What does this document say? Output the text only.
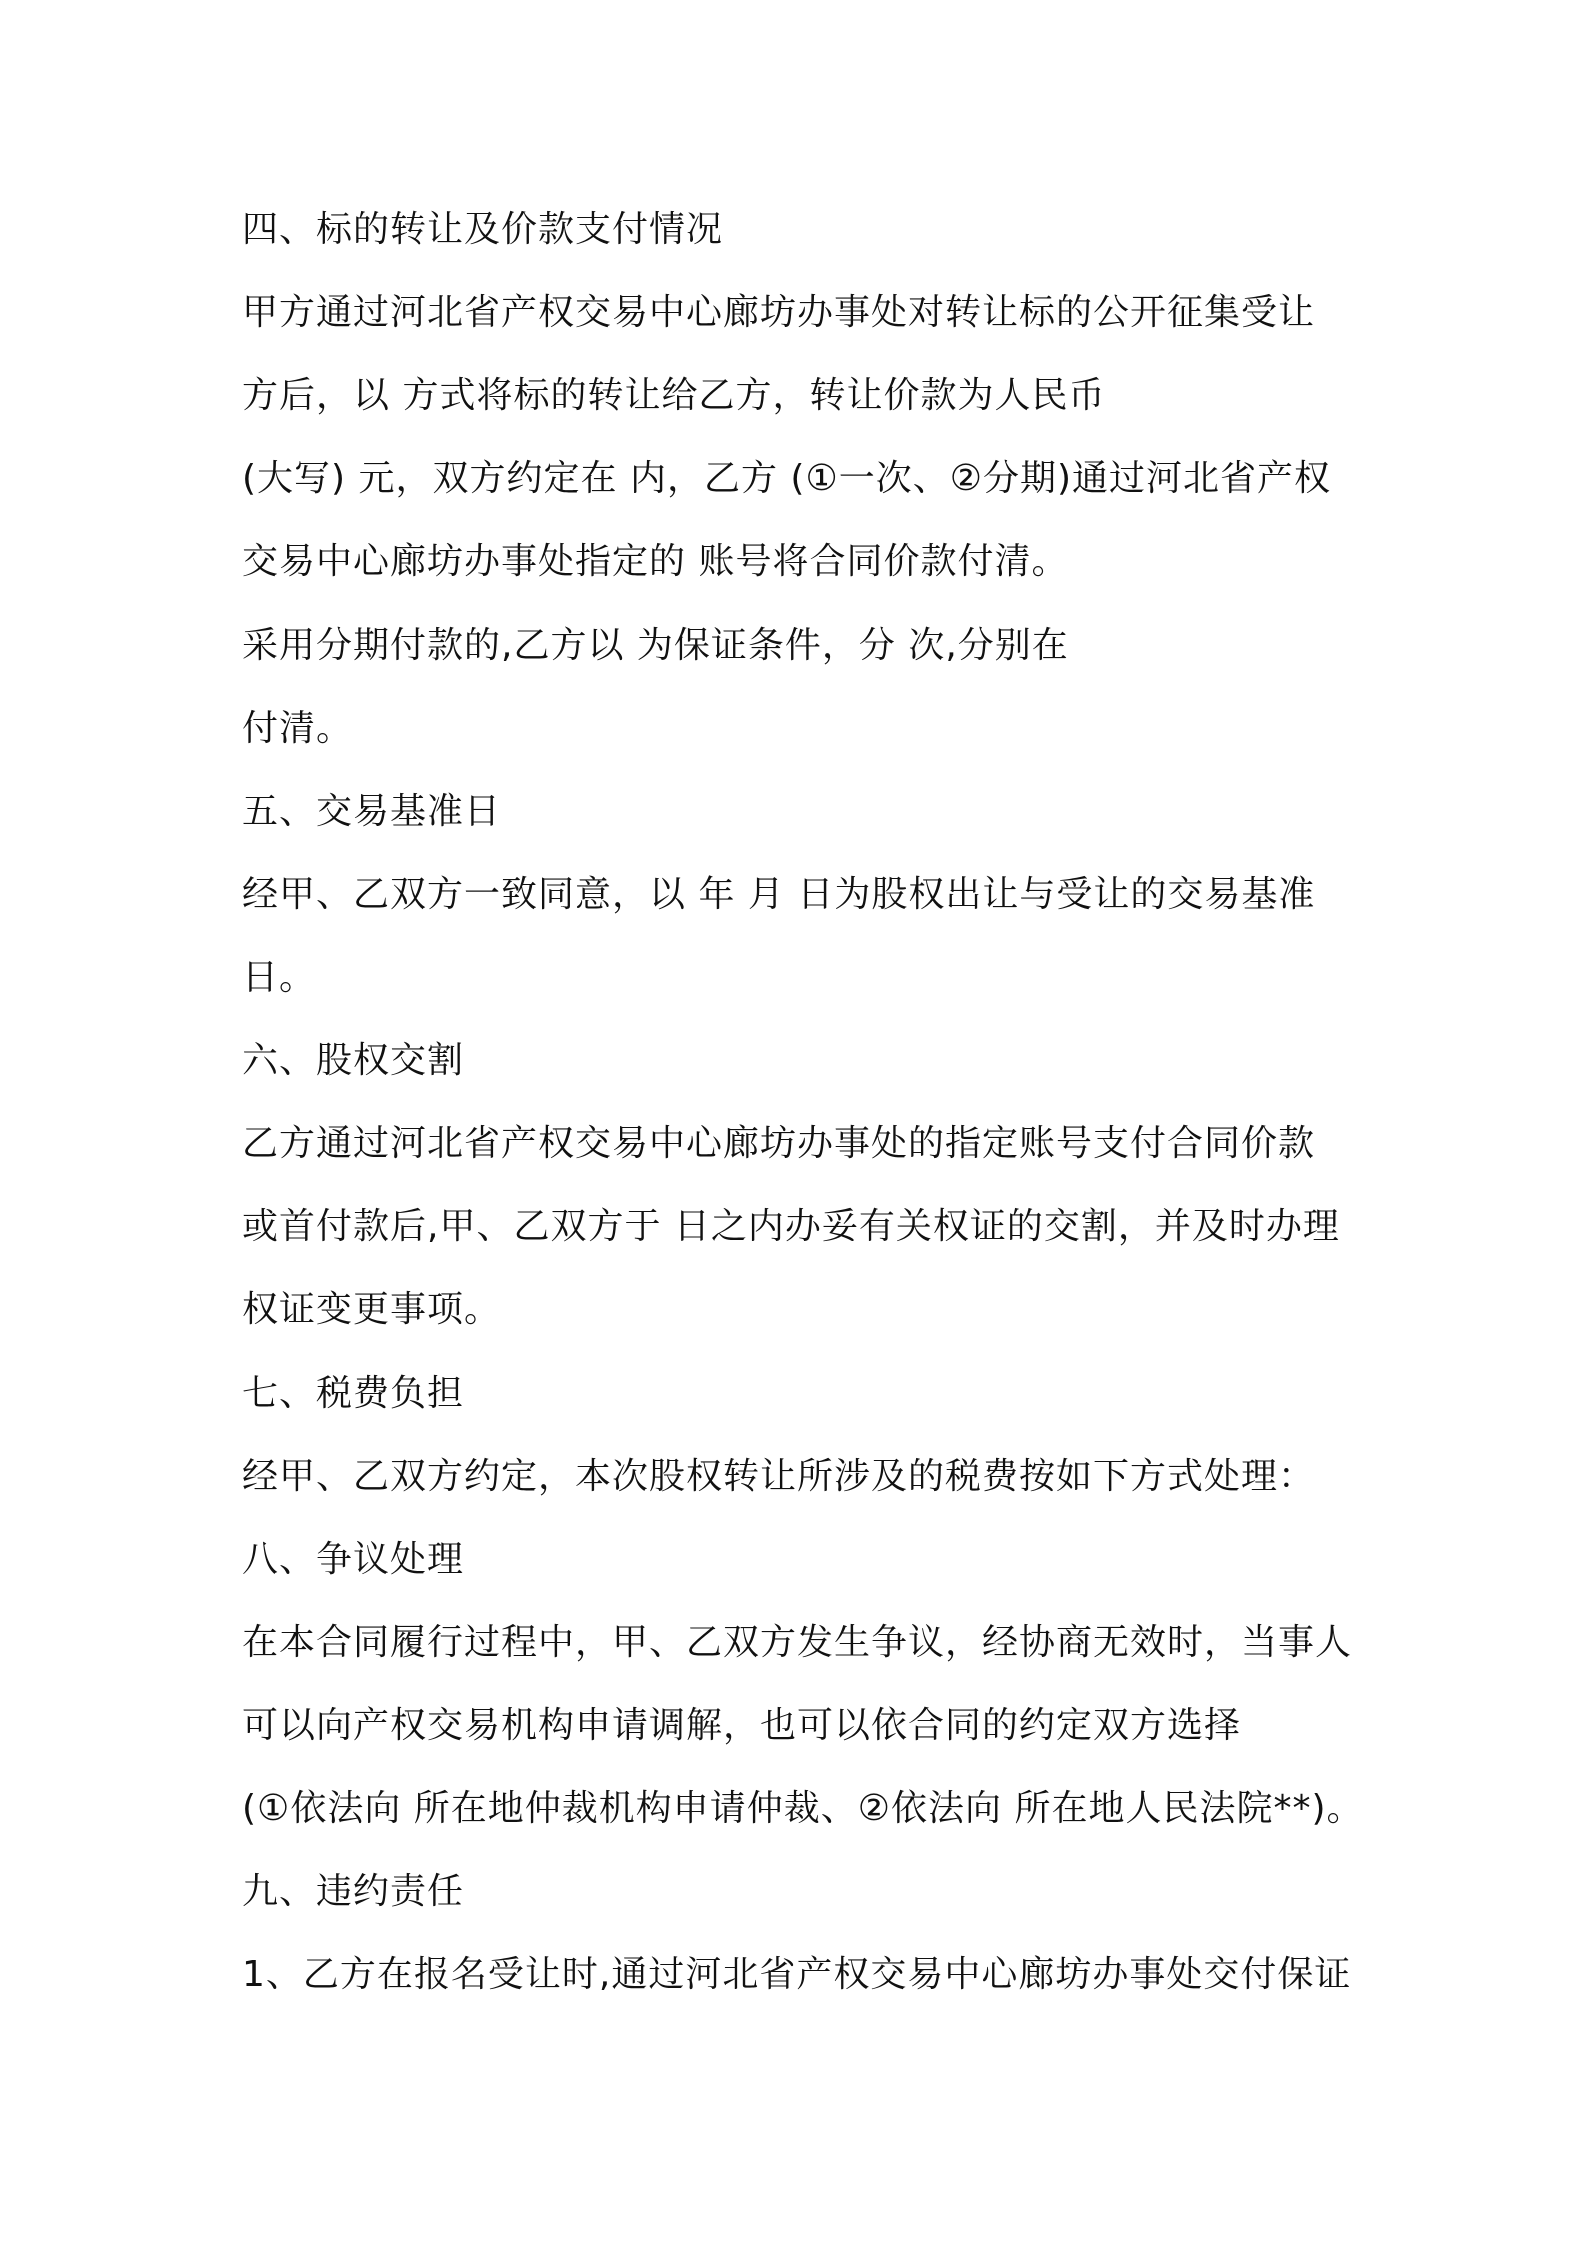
四、标的转让及价款支付情况

甲方通过河北省产权交易中心廊坊办事处对转让标的公开征集受让

方后，以 方式将标的转让给乙方，转让价款为人民币

(大写) 元，双方约定在 内，乙方 (①一次、②分期)通过河北省产权

交易中心廊坊办事处指定的 账号将合同价款付清。

采用分期付款的,乙方以 为保证条件，分 次,分别在

付清。

五、交易基准日

经甲、乙双方一致同意，以 年 月 日为股权出让与受让的交易基准

日。

六、股权交割

乙方通过河北省产权交易中心廊坊办事处的指定账号支付合同价款

或首付款后,甲、乙双方于 日之内办妥有关权证的交割，并及时办理

权证变更事项。

七、税费负担

经甲、乙双方约定，本次股权转让所涉及的税费按如下方式处理：

八、争议处理

在本合同履行过程中，甲、乙双方发生争议，经协商无效时，当事人

可以向产权交易机构申请调解，也可以依合同的约定双方选择

(①依法向 所在地仲裁机构申请仲裁、②依法向 所在地人民法院**)。

九、违约责任

1、乙方在报名受让时,通过河北省产权交易中心廊坊办事处交付保证
